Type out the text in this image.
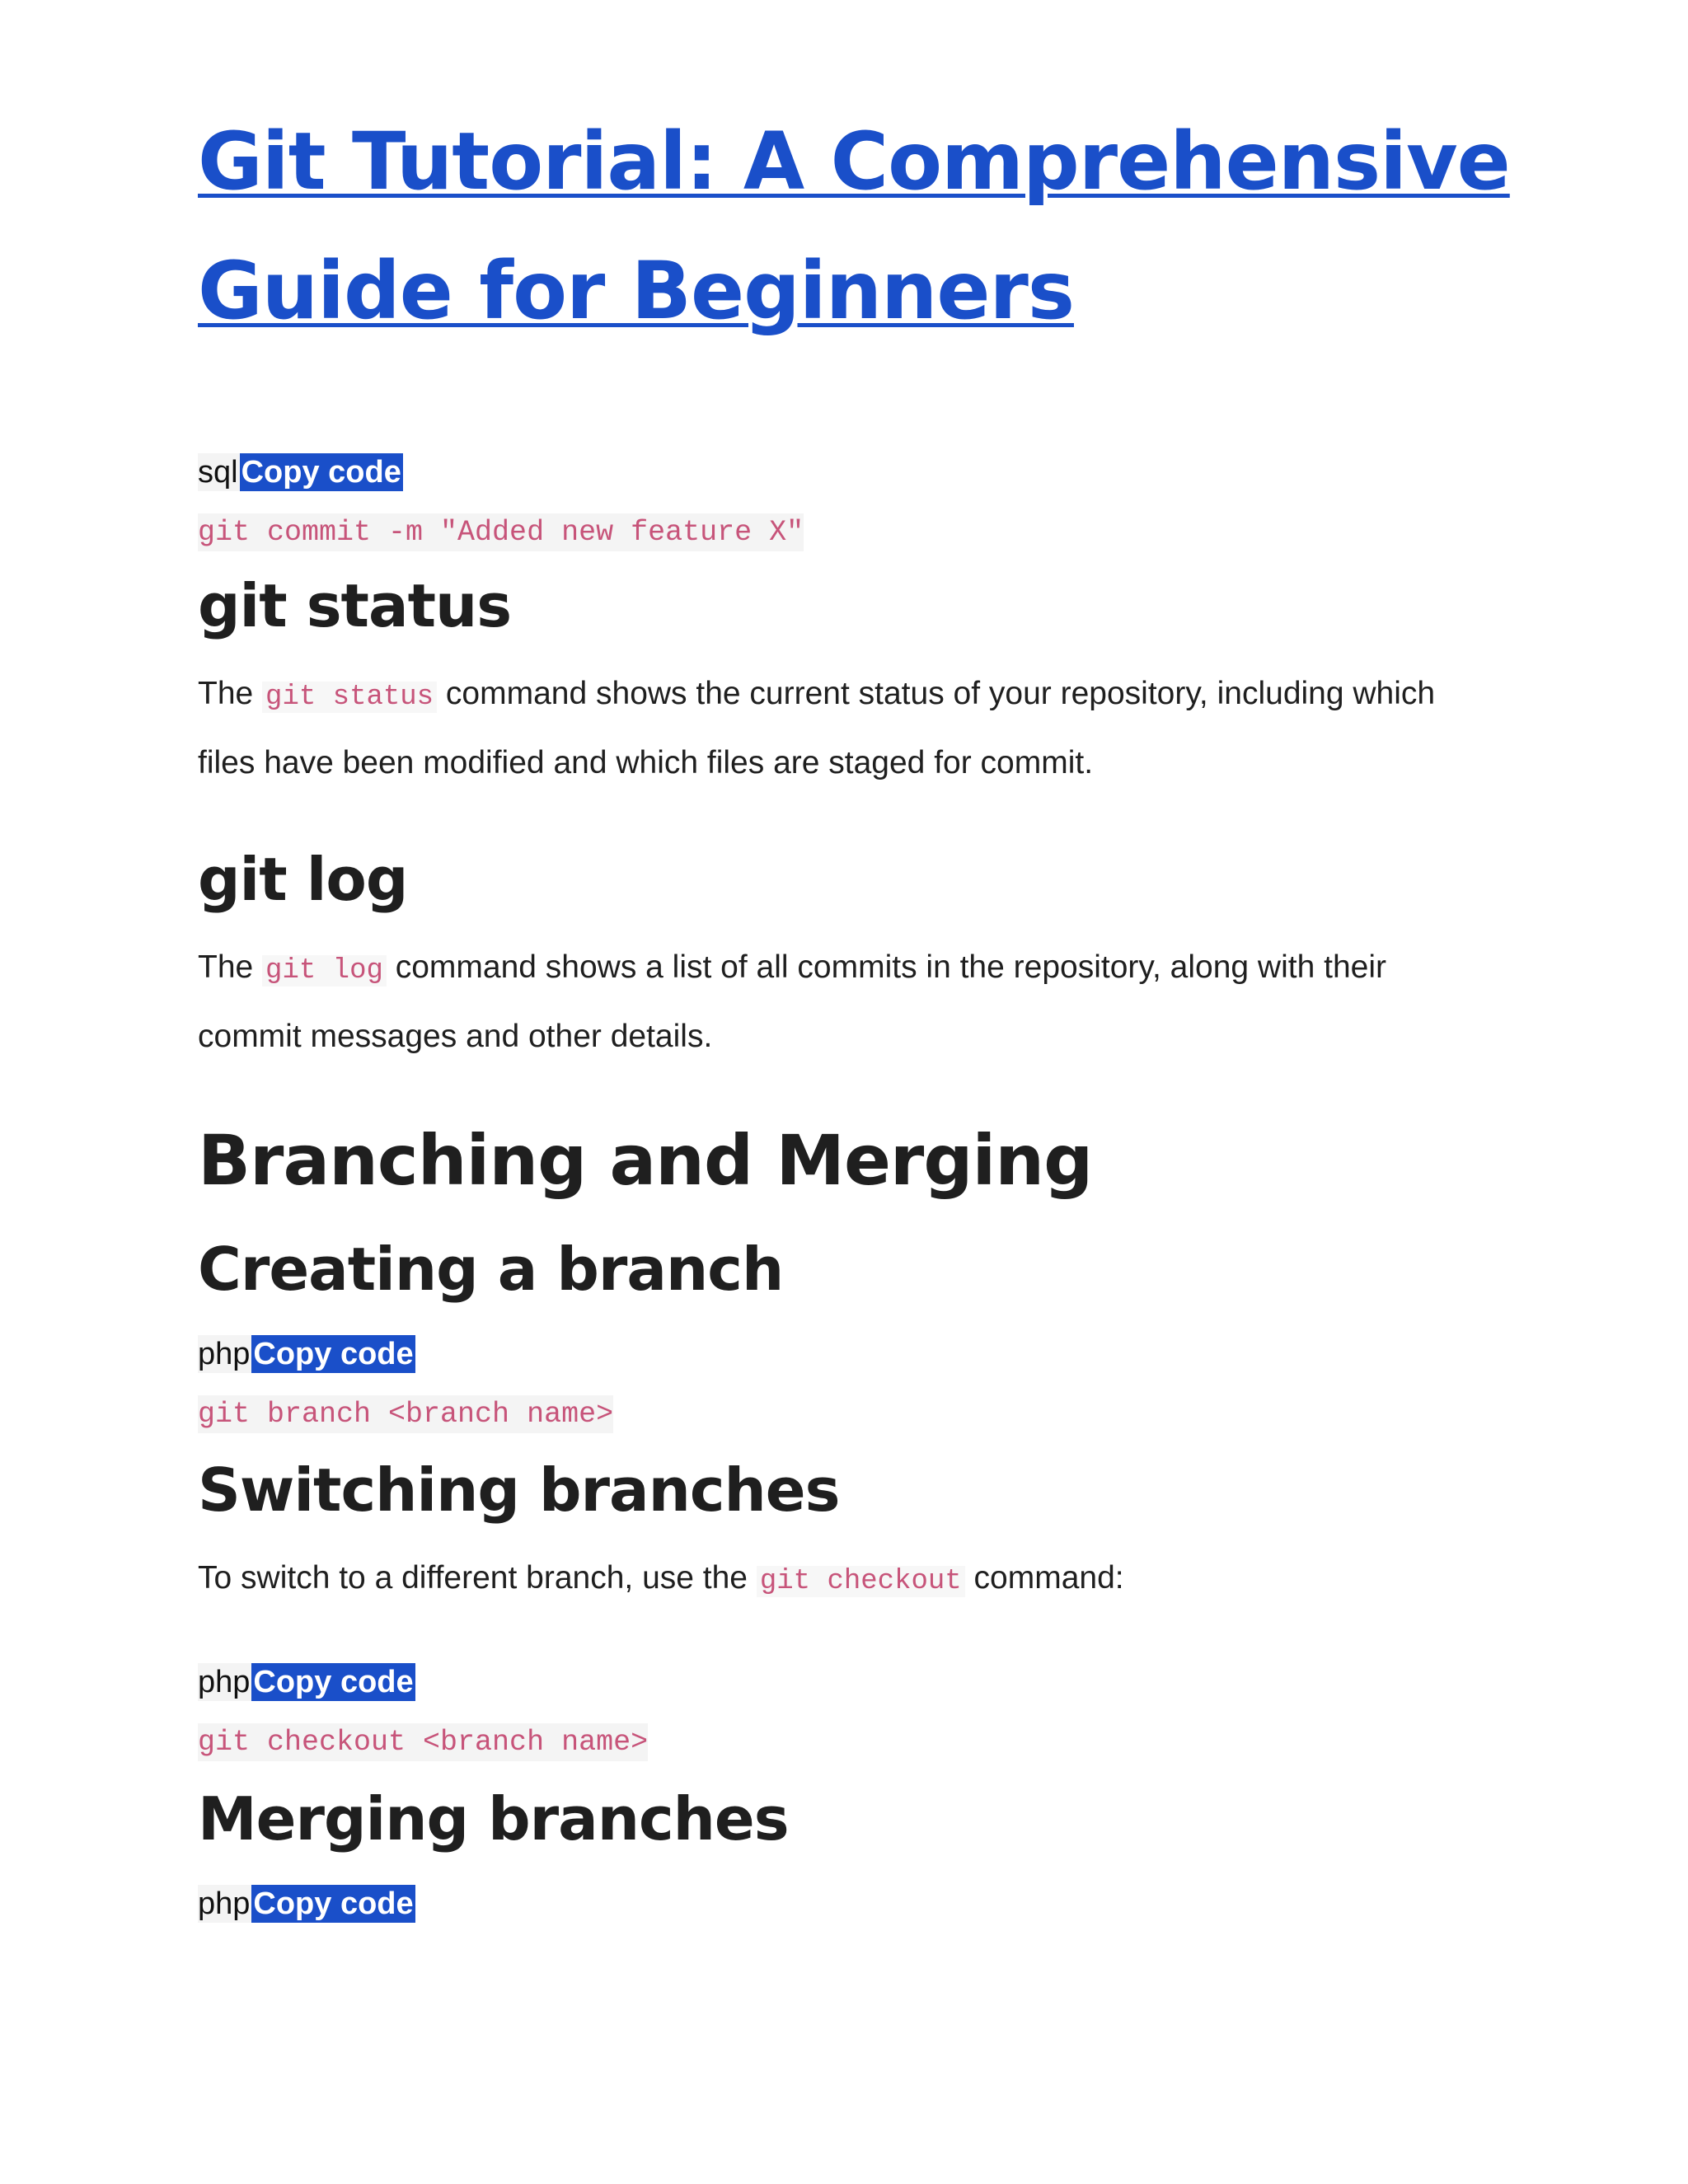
Git Tutorial: A Comprehensive Guide for Beginners
sql Copy code
git commit -m "Added new feature X"
git status

The git status command shows the current status of your repository, including which files have been modified and which files are staged for commit.

git log

The git log command shows a list of all commits in the repository, along with their commit messages and other details.

Branching and Merging
Creating a branch
php Copy code
git branch <branch name>
Switching branches

To switch to a different branch, use the git checkout command:

php Copy code
git checkout <branch name>
Merging branches
php Copy code
